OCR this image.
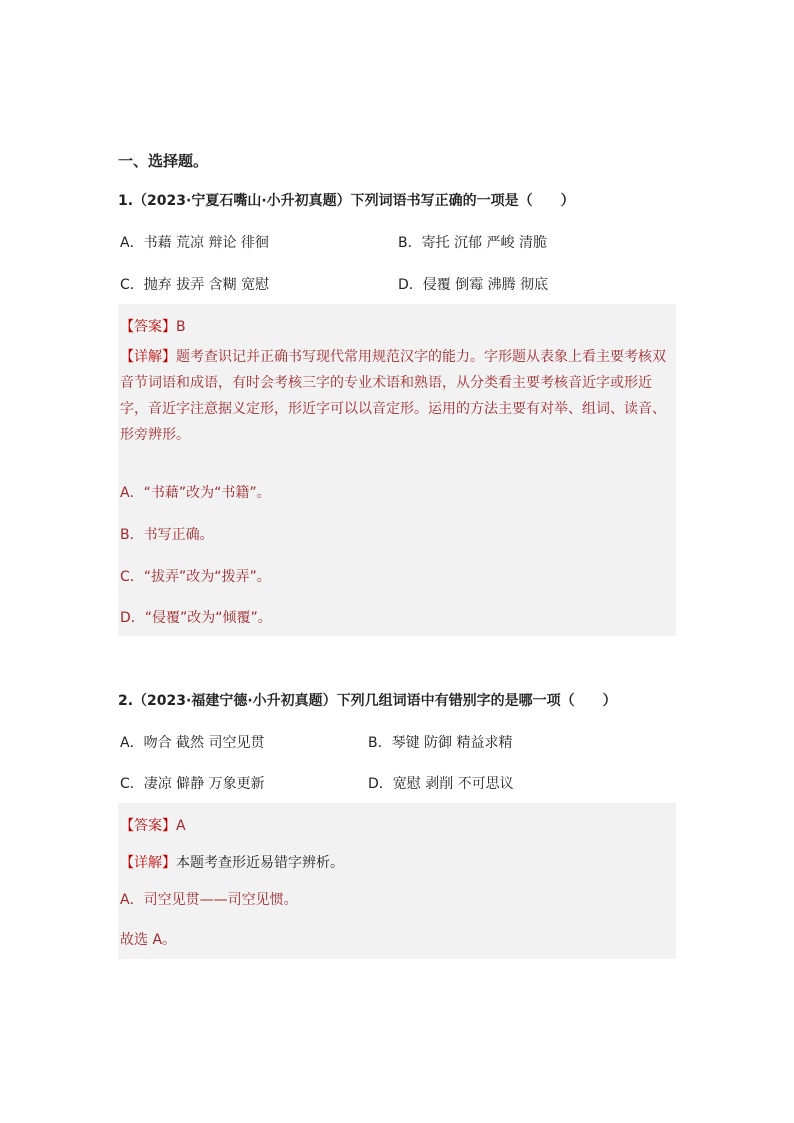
一、选择题。
1.（2023·宁夏石嘴山·小升初真题）下列词语书写正确的一项是（　　）
A．书藉 荒凉 辩论 徘徊	B．寄托 沉郁 严峻 清脆
C．抛弃 拔弄 含糊 宽慰	D．侵覆 倒霉 沸腾 彻底
【答案】B
【详解】题考查识记并正确书写现代常用规范汉字的能力。字形题从表象上看主要考核双音节词语和成语，有时会考核三字的专业术语和熟语，从分类看主要考核音近字或形近字，音近字注意据义定形，形近字可以以音定形。运用的方法主要有对举、组词、读音、形旁辨形。
A．“书藉”改为“书籍”。
B．书写正确。
C．“拔弄”改为“拨弄”。
D．“侵覆”改为“倾覆”。
2.（2023·福建宁德·小升初真题）下列几组词语中有错别字的是哪一项（　　）
A．吻合 截然 司空见贯	B．琴键 防御 精益求精
C．凄凉 僻静 万象更新	D．宽慰 剥削 不可思议
【答案】A
【详解】本题考查形近易错字辨析。
A．司空见贯——司空见惯。
故选 A。
